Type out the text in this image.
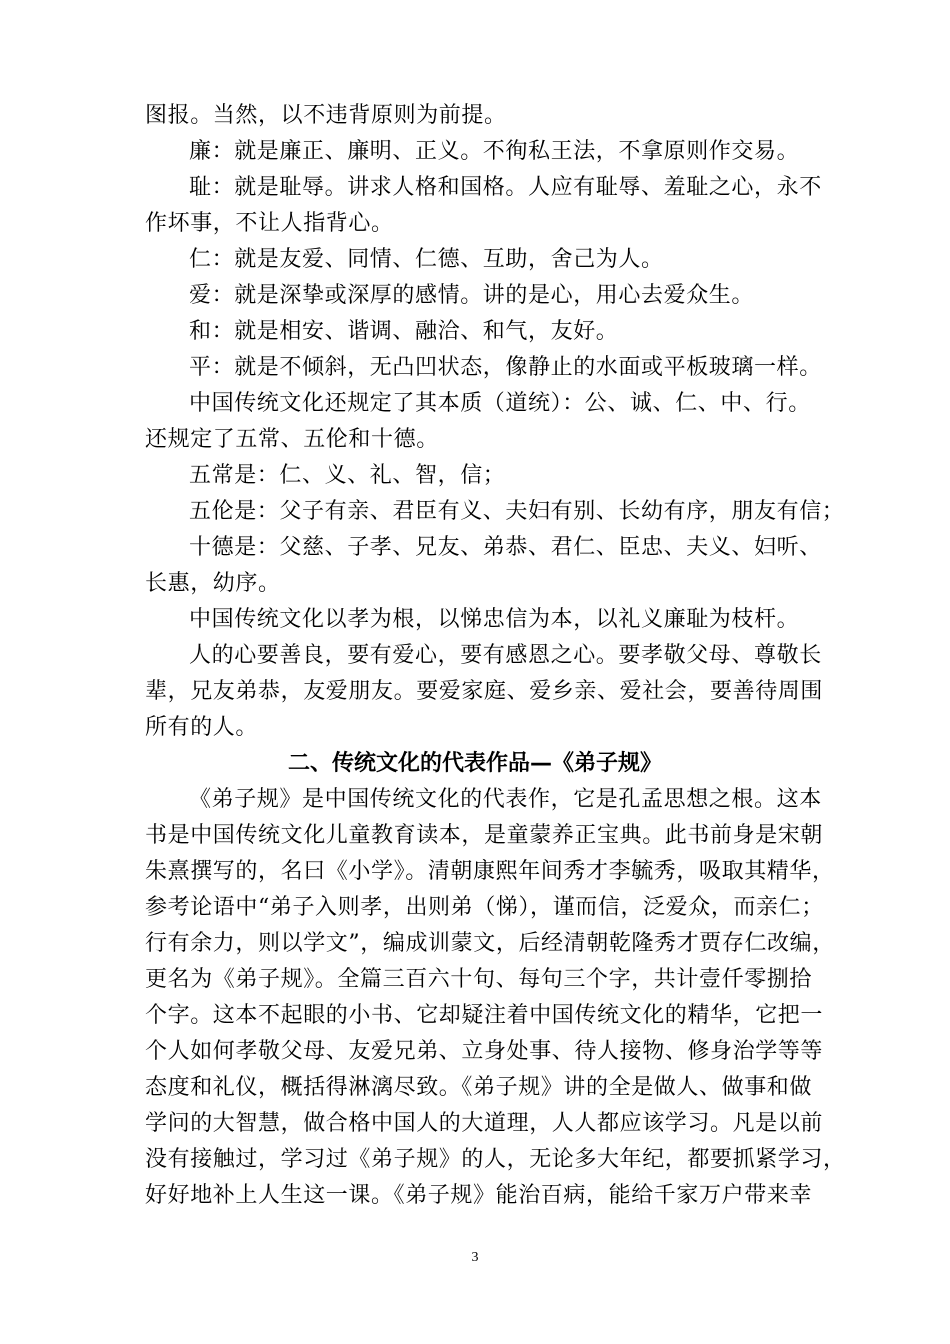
图报。当然，以不违背原则为前提。
廉：就是廉正、廉明、正义。不徇私王法，不拿原则作交易。
耻：就是耻辱。讲求人格和国格。人应有耻辱、羞耻之心，永不
作坏事，不让人指背心。
仁：就是友爱、同情、仁德、互助，舍己为人。
爱：就是深挚或深厚的感情。讲的是心，用心去爱众生。
和：就是相安、谐调、融洽、和气，友好。
平：就是不倾斜，无凸凹状态，像静止的水面或平板玻璃一样。
中国传统文化还规定了其本质（道统）：公、诚、仁、中、行。
还规定了五常、五伦和十德。
五常是：仁、义、礼、智，信；
五伦是：父子有亲、君臣有义、夫妇有别、长幼有序，朋友有信；
十德是：父慈、子孝、兄友、弟恭、君仁、臣忠、夫义、妇听、
长惠，幼序。
中国传统文化以孝为根，以悌忠信为本，以礼义廉耻为枝杆。
人的心要善良，要有爱心，要有感恩之心。要孝敬父母、尊敬长
辈，兄友弟恭，友爱朋友。要爱家庭、爱乡亲、爱社会，要善待周围
所有的人。
二、传统文化的代表作品—《弟子规》
《弟子规》是中国传统文化的代表作，它是孔孟思想之根。这本
书是中国传统文化儿童教育读本，是童蒙养正宝典。此书前身是宋朝
朱熹撰写的，名曰《小学》。清朝康熙年间秀才李毓秀，吸取其精华，
参考论语中“弟子入则孝，出则弟（悌），谨而信，泛爱众，而亲仁；
行有余力，则以学文”，编成训蒙文，后经清朝乾隆秀才贾存仁改编，
更名为《弟子规》。全篇三百六十句、每句三个字，共计壹仟零捌拾
个字。这本不起眼的小书、它却疑注着中国传统文化的精华，它把一
个人如何孝敬父母、友爱兄弟、立身处事、待人接物、修身治学等等
态度和礼仪，概括得淋漓尽致。《弟子规》讲的全是做人、做事和做
学问的大智慧，做合格中国人的大道理，人人都应该学习。凡是以前
没有接触过，学习过《弟子规》的人，无论多大年纪，都要抓紧学习，
好好地补上人生这一课。《弟子规》能治百病，能给千家万户带来幸
3
